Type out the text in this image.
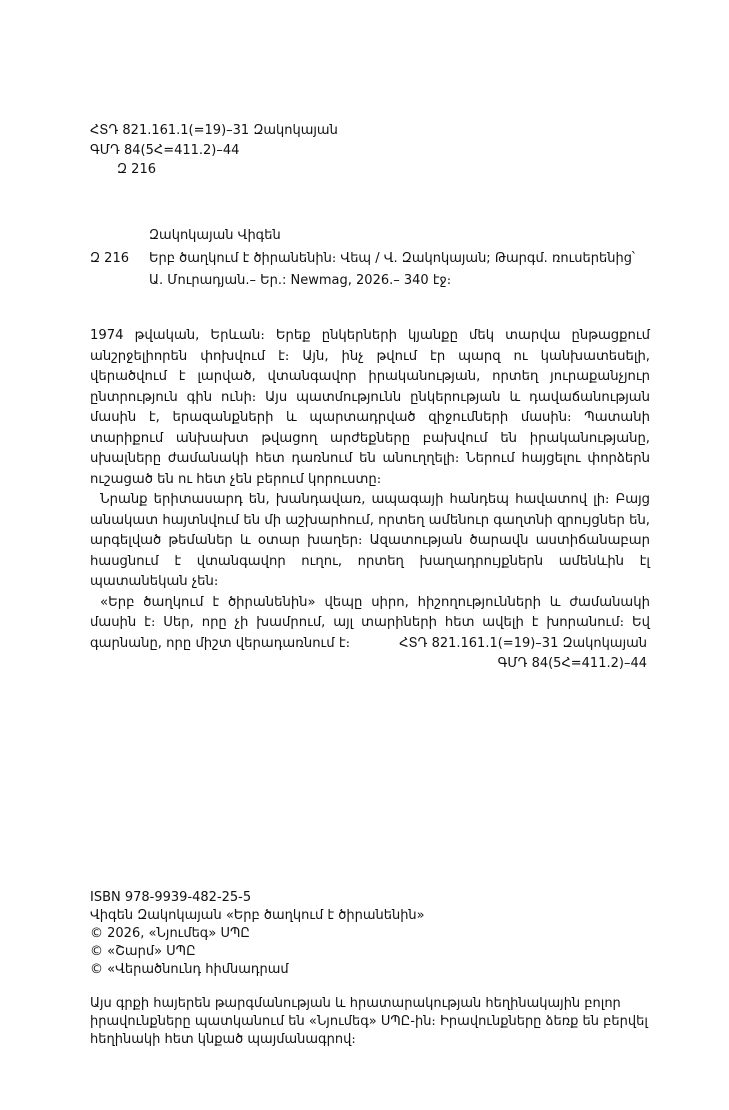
ՀՏԴ 821.161.1(=19)–31 Զակոկայան
ԳՄԴ 84(5Հ=411.2)–44
Զ 216
Զակոկայան Վիգեն
Զ 216 Երբ ծաղկում է ծիրանենին։ Վեպ / Վ. Զակոկայան; Թարգմ. ռուսերենից՝
Ա. Մուրադյան.– Եր.: Newmag, 2026.– 340 էջ։
1974 թվական, Երևան։ Երեք ընկերների կյանքը մեկ տարվա ընթացքում անշրջելիորեն փոխվում է։ Այն, ինչ թվում էր պարզ ու կանխատեսելի, վերածվում է լարված, վտանգավոր իրականության, որտեղ յուրաքանչյուր ընտրություն գին ունի։ Այս պատմությունն ընկերության և դավաճանության մասին է, երազանքների և պարտադրված զիջումների մասին։ Պատանի տարիքում անխախտ թվացող արժեքները բախվում են իրականությանը, սխալները ժամանակի հետ դառնում են անուղղելի։ Ներում հայցելու փորձերն ուշացած են ու հետ չեն բերում կորուստը։
Նրանք երիտասարդ են, խանդավառ, ապագայի հանդեպ հավատով լի։ Բայց անակատ հայտնվում են մի աշխարհում, որտեղ ամենուր գաղտնի զրույցներ են, արգելված թեմաներ և օտար խաղեր։ Ազատության ծարավն աստիճանաբար հասցնում է վտանգավոր ուղու, որտեղ խաղադրույքներն ամենևին էլ պատանեկան չեն։
«Երբ ծաղկում է ծիրանենին» վեպը սիրո, հիշողությունների և ժամանակի մասին է։ Սեր, որը չի խամրում, այլ տարիների հետ ավելի է խորանում։ Եվ գարնանը, որը միշտ վերադառնում է։	ՀՏԴ 821.161.1(=19)–31 Զակոկայան
ԳՄԴ 84(5Հ=411.2)–44
ISBN 978-9939-482-25-5
Վիգեն Զակոկայան «Երբ ծաղկում է ծիրանենին»
© 2026, «Նյումեգ» ՍՊԸ
© «Շարմ» ՍՊԸ
© «Վերածնունդ հիմնադրամ
Այս գրքի հայերեն թարգմանության և հրատարակության հեղինակային բոլոր
իրավունքները պատկանում են «Նյումեգ» ՍՊԸ-ին։ Իրավունքները ձեռք են բերվել
հեղինակի հետ կնքած պայմանագրով։
